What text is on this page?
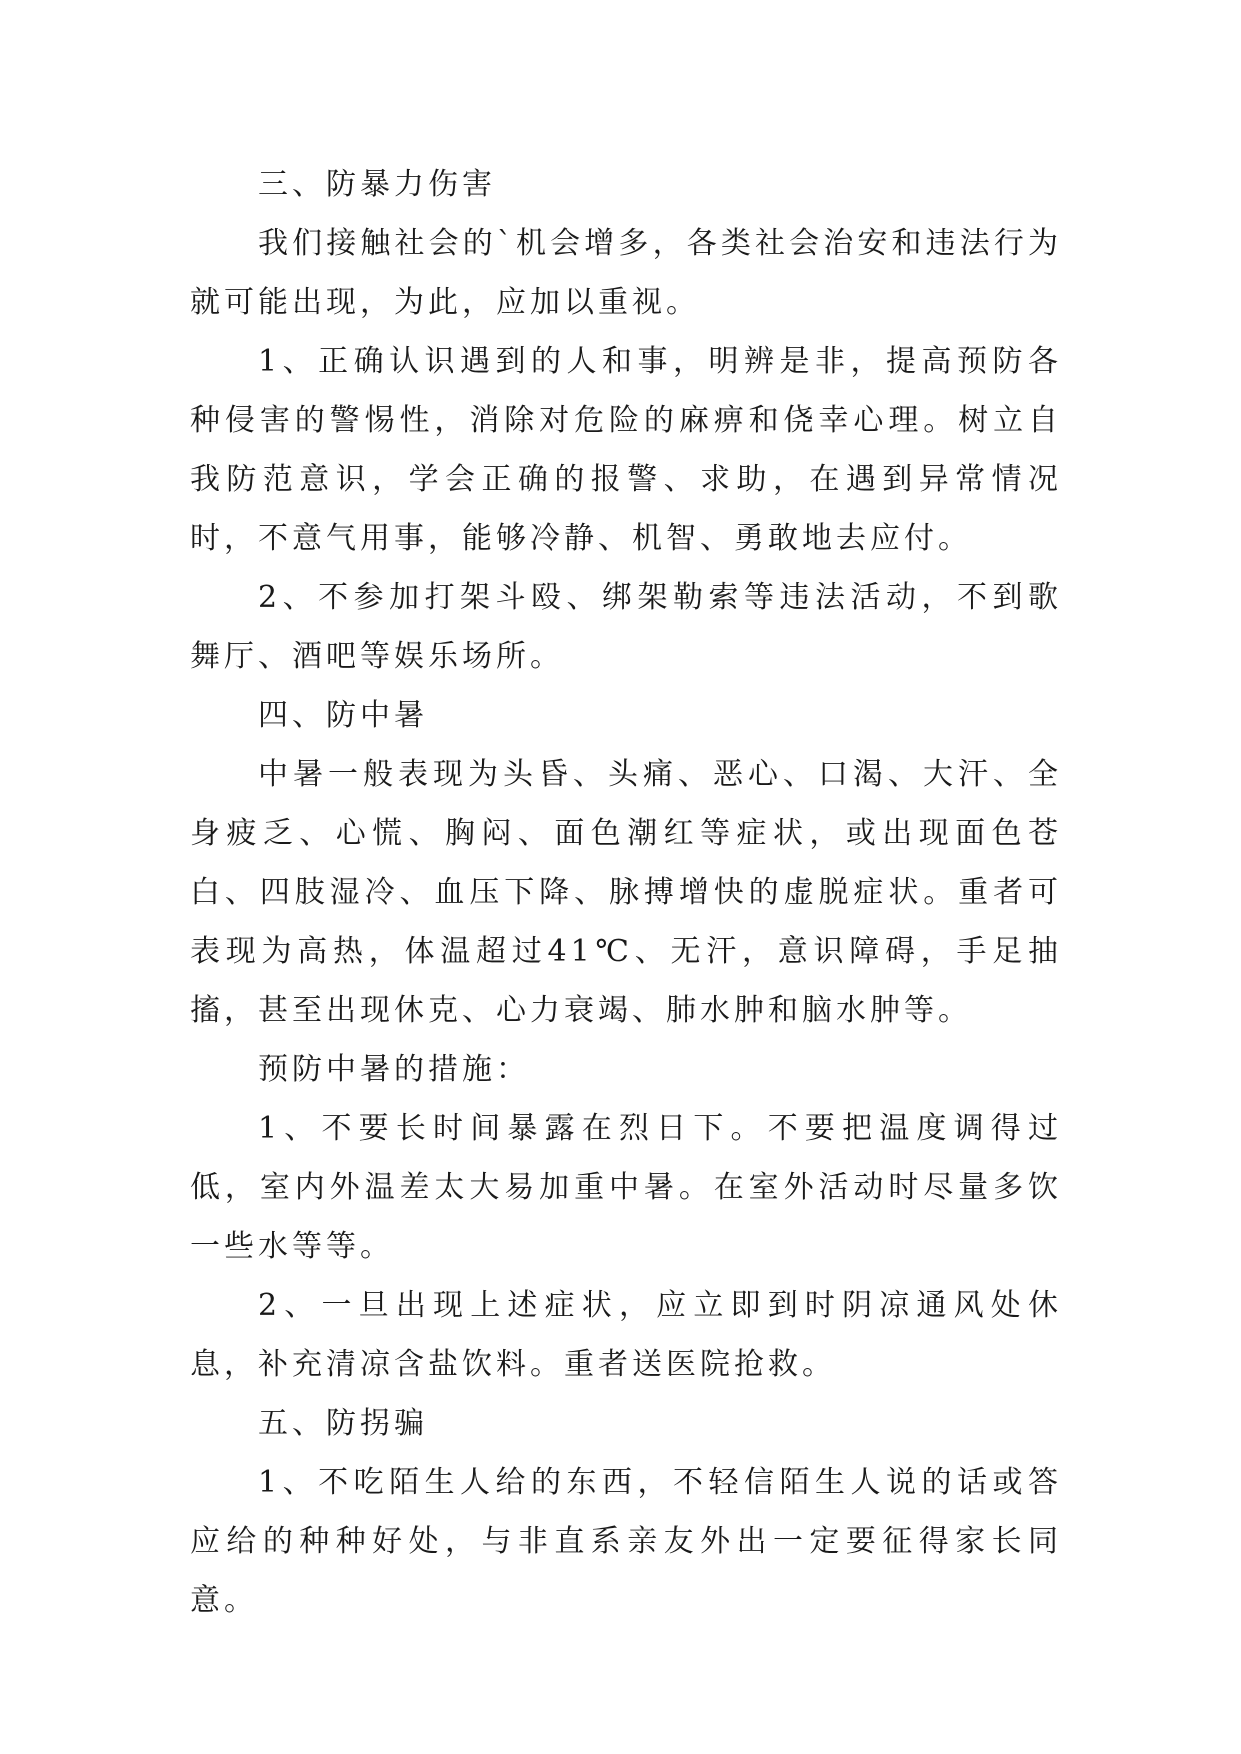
三、防暴力伤害

我们接触社会的`机会增多，各类社会治安和违法行为就可能出现，为此，应加以重视。

1、正确认识遇到的人和事，明辨是非，提高预防各种侵害的警惕性，消除对危险的麻痹和侥幸心理。树立自我防范意识，学会正确的报警、求助，在遇到异常情况时，不意气用事，能够冷静、机智、勇敢地去应付。

2、不参加打架斗殴、绑架勒索等违法活动，不到歌舞厅、酒吧等娱乐场所。

四、防中暑

中暑一般表现为头昏、头痛、恶心、口渴、大汗、全身疲乏、心慌、胸闷、面色潮红等症状，或出现面色苍白、四肢湿冷、血压下降、脉搏增快的虚脱症状。重者可表现为高热，体温超过41℃、无汗，意识障碍，手足抽搐，甚至出现休克、心力衰竭、肺水肿和脑水肿等。

预防中暑的措施：

1、不要长时间暴露在烈日下。不要把温度调得过低，室内外温差太大易加重中暑。在室外活动时尽量多饮一些水等等。

2、一旦出现上述症状，应立即到时阴凉通风处休息，补充清凉含盐饮料。重者送医院抢救。

五、防拐骗

1、不吃陌生人给的东西，不轻信陌生人说的话或答应给的种种好处，与非直系亲友外出一定要征得家长同意。
